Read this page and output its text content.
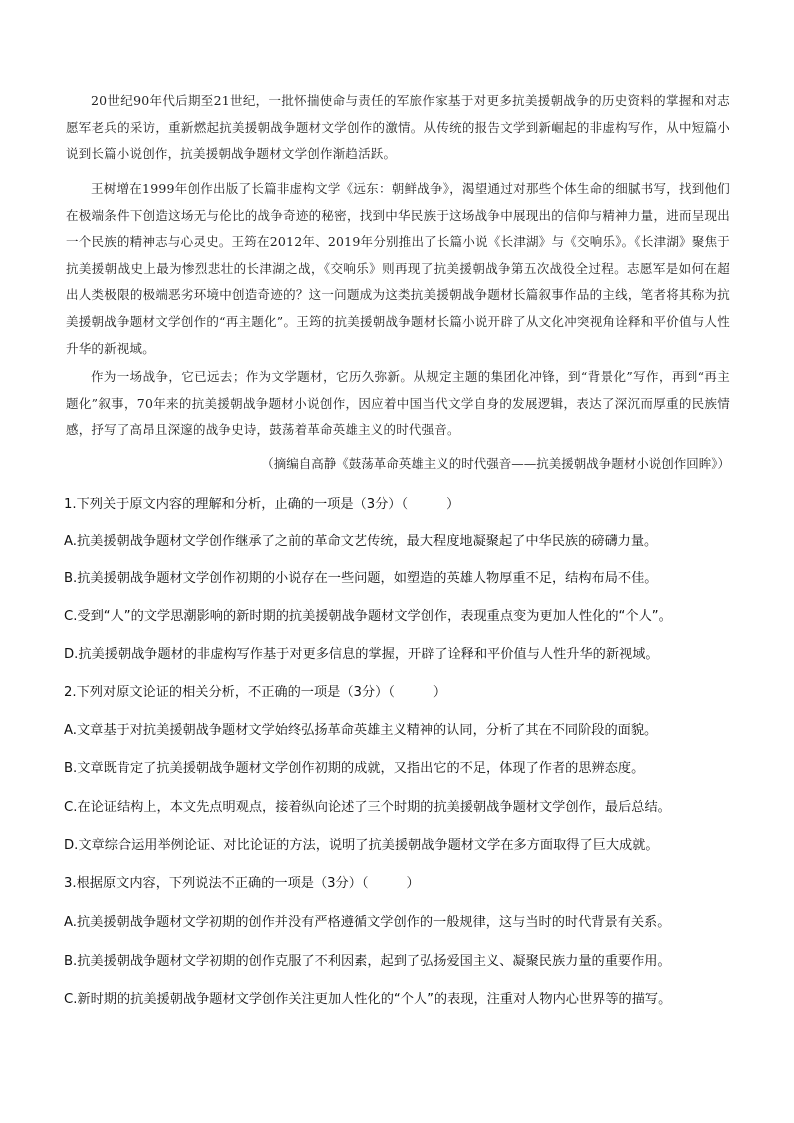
20世纪90年代后期至21世纪，一批怀揣使命与责任的军旅作家基于对更多抗美援朝战争的历史资料的掌握和对志愿军老兵的采访，重新燃起抗美援朝战争题材文学创作的激情。从传统的报告文学到新崛起的非虚构写作，从中短篇小说到长篇小说创作，抗美援朝战争题材文学创作渐趋活跃。

王树增在1999年创作出版了长篇非虚构文学《远东：朝鲜战争》，渴望通过对那些个体生命的细腻书写，找到他们在极端条件下创造这场无与伦比的战争奇迹的秘密，找到中华民族于这场战争中展现出的信仰与精神力量，进而呈现出一个民族的精神志与心灵史。王筠在2012年、2019年分别推出了长篇小说《长津湖》与《交响乐》。《长津湖》聚焦于抗美援朝战史上最为惨烈悲壮的长津湖之战，《交响乐》则再现了抗美援朝战争第五次战役全过程。志愿军是如何在超出人类极限的极端恶劣环境中创造奇迹的？这一问题成为这类抗美援朝战争题材长篇叙事作品的主线，笔者将其称为抗美援朝战争题材文学创作的“再主题化”。王筠的抗美援朝战争题材长篇小说开辟了从文化冲突视角诠释和平价值与人性升华的新视域。

作为一场战争，它已远去；作为文学题材，它历久弥新。从规定主题的集团化冲锋，到“背景化”写作，再到“再主题化”叙事，70年来的抗美援朝战争题材小说创作，因应着中国当代文学自身的发展逻辑，表达了深沉而厚重的民族情感，抒写了高昂且深邃的战争史诗，鼓荡着革命英雄主义的时代强音。

（摘编自高静《鼓荡革命英雄主义的时代强音——抗美援朝战争题材小说创作回眸》）

1.下列关于原文内容的理解和分析，止确的一项是（3分）（	）

A.抗美援朝战争题材文学创作继承了之前的革命文艺传统，最大程度地凝聚起了中华民族的磅礴力量。

B.抗美援朝战争题材文学创作初期的小说存在一些问题，如塑造的英雄人物厚重不足，结构布局不佳。

C.受到“人”的文学思潮影响的新时期的抗美援朝战争题材文学创作，表现重点变为更加人性化的“个人”。

D.抗美援朝战争题材的非虚构写作基于对更多信息的掌握，开辟了诠释和平价值与人性升华的新视域。

2.下列对原文论证的相关分析，不正确的一项是（3分）（	）

A.文章基于对抗美援朝战争题材文学始终弘扬革命英雄主义精神的认同，分析了其在不同阶段的面貌。

B.文章既肯定了抗美援朝战争题材文学创作初期的成就，又指出它的不足，体现了作者的思辨态度。

C.在论证结构上，本文先点明观点，接着纵向论述了三个时期的抗美援朝战争题材文学创作，最后总结。

D.文章综合运用举例论证、对比论证的方法，说明了抗美援朝战争题材文学在多方面取得了巨大成就。

3.根据原文内容，下列说法不正确的一项是（3分）（	）

A.抗美援朝战争题材文学初期的创作并没有严格遵循文学创作的一般规律，这与当时的时代背景有关系。

B.抗美援朝战争题材文学初期的创作克服了不利因素，起到了弘扬爱国主义、凝聚民族力量的重要作用。

C.新时期的抗美援朝战争题材文学创作关注更加人性化的“个人”的表现，注重对人物内心世界等的描写。
